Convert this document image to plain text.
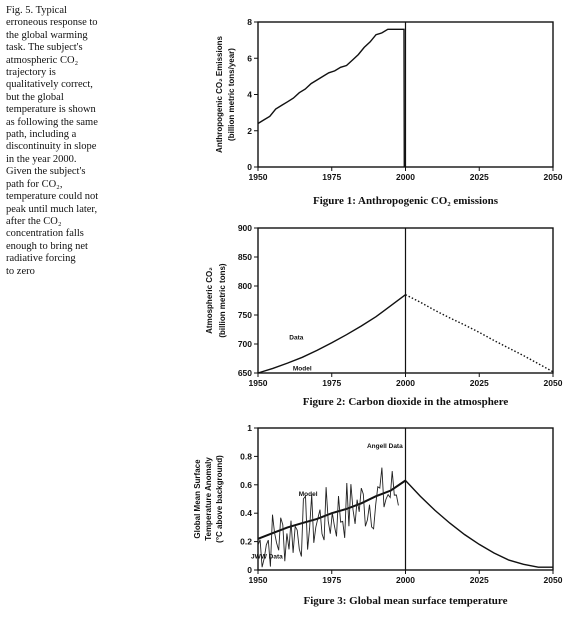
Fig. 5. Typical

erroneous response to

the global warming

task. The subject's

atmospheric CO₂

trajectory is

qualitatively correct,

but the global

temperature is shown

as following the same

path, including a

discontinuity in slope

in the year 2000.

Given the subject's

path for CO₂,

temperature could not

peak until much later,

after the CO₂

concentration falls

enough to bring net

radiative forcing

to zero

1950	1975	2000	2025	2050
0
2
4
6
8
Anthropogenic CO₂ Emissions (billion metric tons/year)
Figure 1: Anthropogenic CO₂ emissions
1950	1975	2000	2025	2050
650
700
750
800
850
900
Atmospheric CO₂ (billion metric tons)
Figure 2: Carbon dioxide in the atmosphere
Data
Model
1950	1975	2000	2025	2050
0
0.2
0.4
0.6
0.8
1
Global Mean Surface Temperature Anomaly (°C above background)
Figure 3: Global mean surface temperature
Angell Data
Model
JWW Data
